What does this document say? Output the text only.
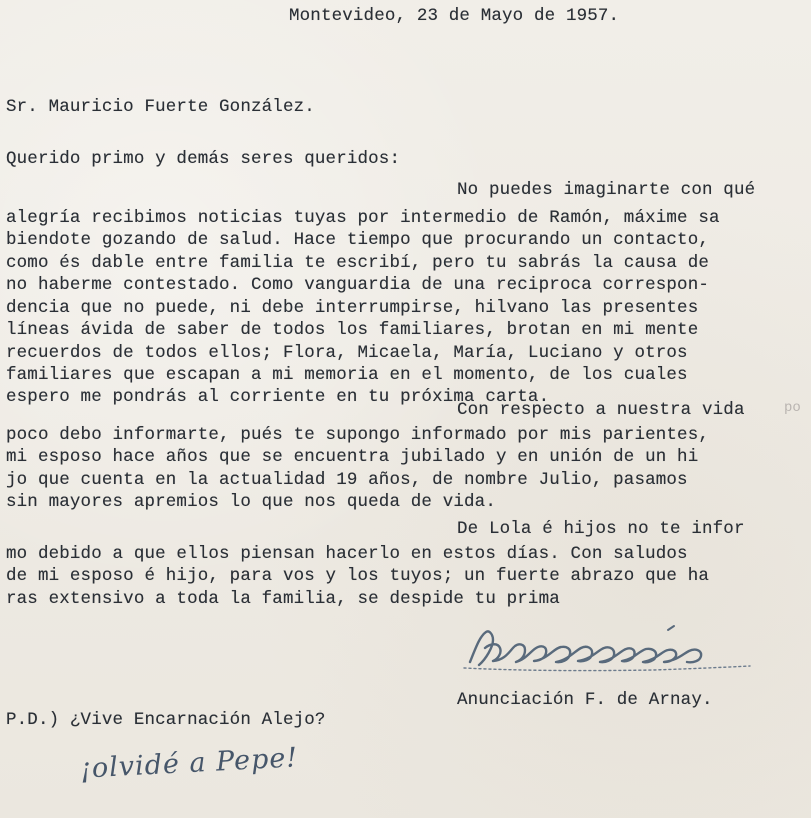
Montevideo, 23 de Mayo de 1957.
Sr. Mauricio Fuerte González.
Querido primo y demás seres queridos:
No puedes imaginarte con qué
alegría recibimos noticias tuyas por intermedio de Ramón, máxime sa
biendote gozando de salud. Hace tiempo que procurando un contacto,
como és dable entre familia te escribí, pero tu sabrás la causa de
no haberme contestado. Como vanguardia de una reciproca correspon-
dencia que no puede, ni debe interrumpirse, hilvano las presentes
líneas ávida de saber de todos los familiares, brotan en mi mente
recuerdos de todos ellos; Flora, Micaela, María, Luciano y otros
familiares que escapan a mi memoria en el momento, de los cuales
espero me pondrás al corriente en tu próxima carta.
Con respecto a nuestra vida	po
poco debo informarte, pués te supongo informado por mis parientes,
mi esposo hace años que se encuentra jubilado y en unión de un hi
jo que cuenta en la actualidad 19 años, de nombre Julio, pasamos
sin mayores apremios lo que nos queda de vida.
De Lola é hijos no te infor
mo debido a que ellos piensan hacerlo en estos días. Con saludos
de mi esposo é hijo, para vos y los tuyos; un fuerte abrazo que ha
ras extensivo a toda la familia, se despide tu prima
Anunciación F. de Arnay.
P.D.) ¿Vive Encarnación Alejo?
¡olvidé a Pepe!
